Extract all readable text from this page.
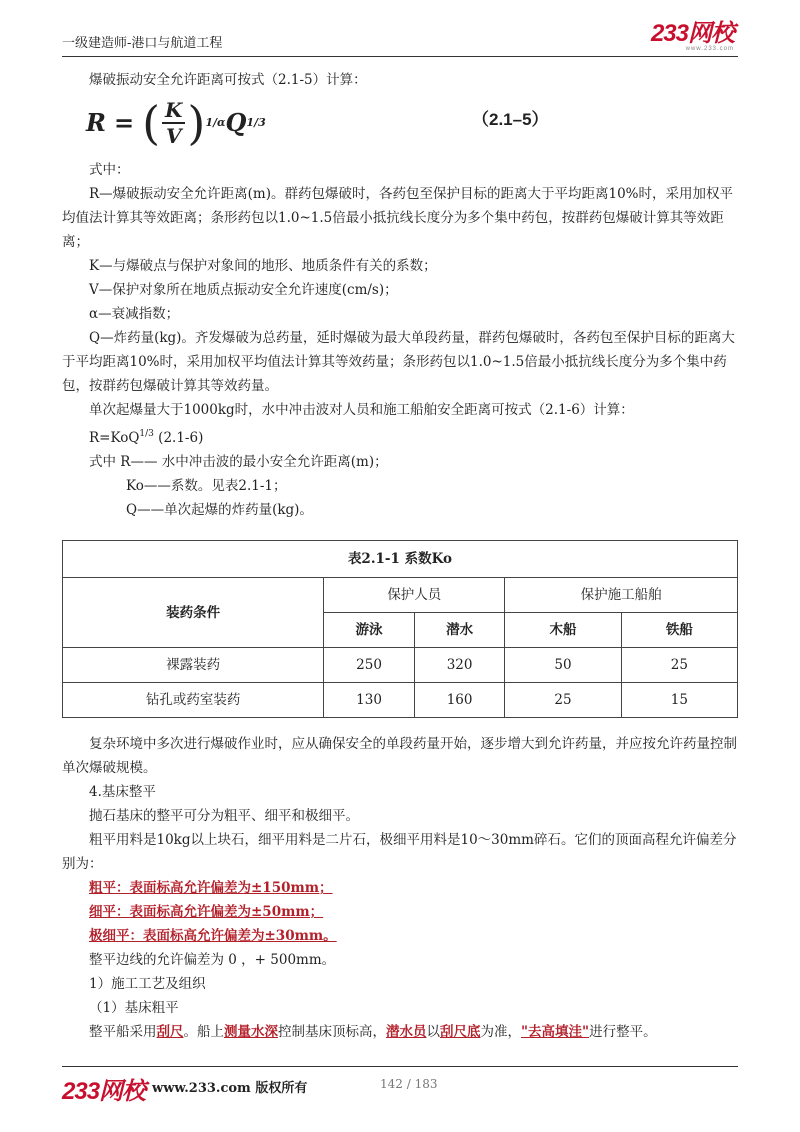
一级建造师-港口与航道工程	233网校
www.233.com

爆破振动安全允许距离可按式（2.1-5）计算：

R = ( $\frac{K}{V}$ ) 1/α Q 1/3	（2.1–5）

式中：

R—爆破振动安全允许距离(m)。群药包爆破时，各药包至保护目标的距离大于平均距离10%时，采用加权平均值法计算其等效距离；条形药包以1.0~1.5倍最小抵抗线长度分为多个集中药包，按群药包爆破计算其等效距离；

K—与爆破点与保护对象间的地形、地质条件有关的系数；

V—保护对象所在地质点振动安全允许速度(cm/s)；

α—衰减指数；

Q—炸药量(kg)。齐发爆破为总药量，延时爆破为最大单段药量，群药包爆破时，各药包至保护目标的距离大于平均距离10%时，采用加权平均值法计算其等效药量；条形药包以1.0~1.5倍最小抵抗线长度分为多个集中药包，按群药包爆破计算其等效药量。

单次起爆量大于1000kg时，水中冲击波对人员和施工船舶安全距离可按式（2.1-6）计算：

R=KoQ$^{1/3}$ (2.1-6)

式中 R—— 水中冲击波的最小安全允许距离(m)；

Ko——系数。见表2.1-1；

Q——单次起爆的炸药量(kg)。

表2.1-1 系数Ko				
装药条件	保护人员		保护施工船舶	
	游泳	潜水	木船	铁船
裸露装药	250	320	50	25
钻孔或药室装药	130	160	25	15

复杂环境中多次进行爆破作业时，应从确保安全的单段药量开始，逐步增大到允许药量，并应按允许药量控制单次爆破规模。

4.基床整平

抛石基床的整平可分为粗平、细平和极细平。

粗平用料是10kg以上块石，细平用料是二片石，极细平用料是10～30mm碎石。它们的顶面高程允许偏差分别为：

粗平：表面标高允许偏差为±150mm；

细平：表面标高允许偏差为±50mm；

极细平：表面标高允许偏差为±30mm。

整平边线的允许偏差为 0 ，+ 500mm。

1）施工工艺及组织

（1）基床粗平

整平船采用刮尺。船上测量水深控制基床顶标高，潜水员以刮尺底为准，"去高填洼"进行整平。

233网校 www.233.com 版权所有	142 / 183
